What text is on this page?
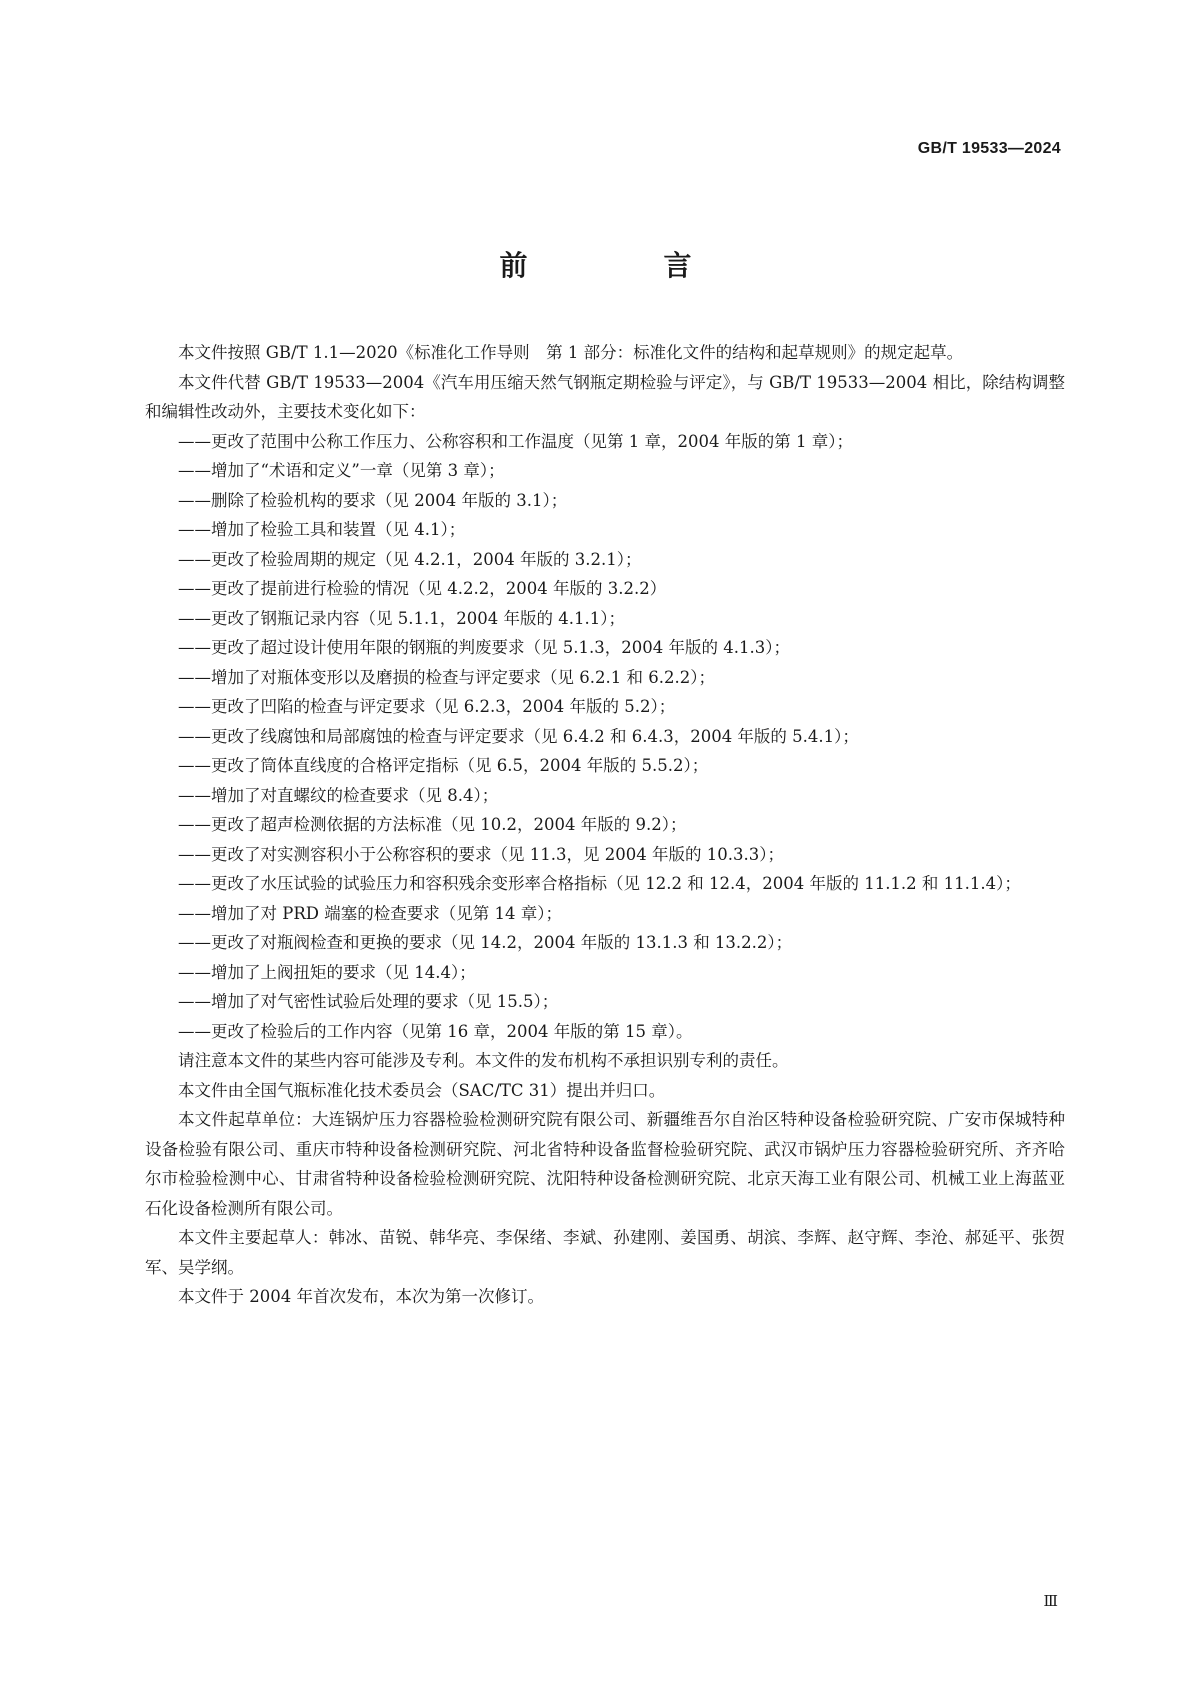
GB/T 19533—2024
前　言

本文件按照 GB/T 1.1—2020《标准化工作导则　第 1 部分：标准化文件的结构和起草规则》的规定起草。

本文件代替 GB/T 19533—2004《汽车用压缩天然气钢瓶定期检验与评定》，与 GB/T 19533—2004 相比，除结构调整和编辑性改动外，主要技术变化如下：

——更改了范围中公称工作压力、公称容积和工作温度（见第 1 章，2004 年版的第 1 章）；
——增加了“术语和定义”一章（见第 3 章）；
——删除了检验机构的要求（见 2004 年版的 3.1）；
——增加了检验工具和装置（见 4.1）；
——更改了检验周期的规定（见 4.2.1，2004 年版的 3.2.1）；
——更改了提前进行检验的情况（见 4.2.2，2004 年版的 3.2.2）
——更改了钢瓶记录内容（见 5.1.1，2004 年版的 4.1.1）；
——更改了超过设计使用年限的钢瓶的判废要求（见 5.1.3，2004 年版的 4.1.3）；
——增加了对瓶体变形以及磨损的检查与评定要求（见 6.2.1 和 6.2.2）；
——更改了凹陷的检查与评定要求（见 6.2.3，2004 年版的 5.2）；
——更改了线腐蚀和局部腐蚀的检查与评定要求（见 6.4.2 和 6.4.3，2004 年版的 5.4.1）；
——更改了筒体直线度的合格评定指标（见 6.5，2004 年版的 5.5.2）；
——增加了对直螺纹的检查要求（见 8.4）；
——更改了超声检测依据的方法标准（见 10.2，2004 年版的 9.2）；
——更改了对实测容积小于公称容积的要求（见 11.3，见 2004 年版的 10.3.3）；
——更改了水压试验的试验压力和容积残余变形率合格指标（见 12.2 和 12.4，2004 年版的 11.1.2 和 11.1.4）；
——增加了对 PRD 端塞的检查要求（见第 14 章）；
——更改了对瓶阀检查和更换的要求（见 14.2，2004 年版的 13.1.3 和 13.2.2）；
——增加了上阀扭矩的要求（见 14.4）；
——增加了对气密性试验后处理的要求（见 15.5）；
——更改了检验后的工作内容（见第 16 章，2004 年版的第 15 章）。

请注意本文件的某些内容可能涉及专利。本文件的发布机构不承担识别专利的责任。

本文件由全国气瓶标准化技术委员会（SAC/TC 31）提出并归口。

本文件起草单位：大连锅炉压力容器检验检测研究院有限公司、新疆维吾尔自治区特种设备检验研究院、广安市保城特种设备检验有限公司、重庆市特种设备检测研究院、河北省特种设备监督检验研究院、武汉市锅炉压力容器检验研究所、齐齐哈尔市检验检测中心、甘肃省特种设备检验检测研究院、沈阳特种设备检测研究院、北京天海工业有限公司、机械工业上海蓝亚石化设备检测所有限公司。

本文件主要起草人：韩冰、苗锐、韩华亮、李保绪、李斌、孙建刚、姜国勇、胡滨、李辉、赵守辉、李沧、郝延平、张贺军、吴学纲。

本文件于 2004 年首次发布，本次为第一次修订。

Ⅲ
